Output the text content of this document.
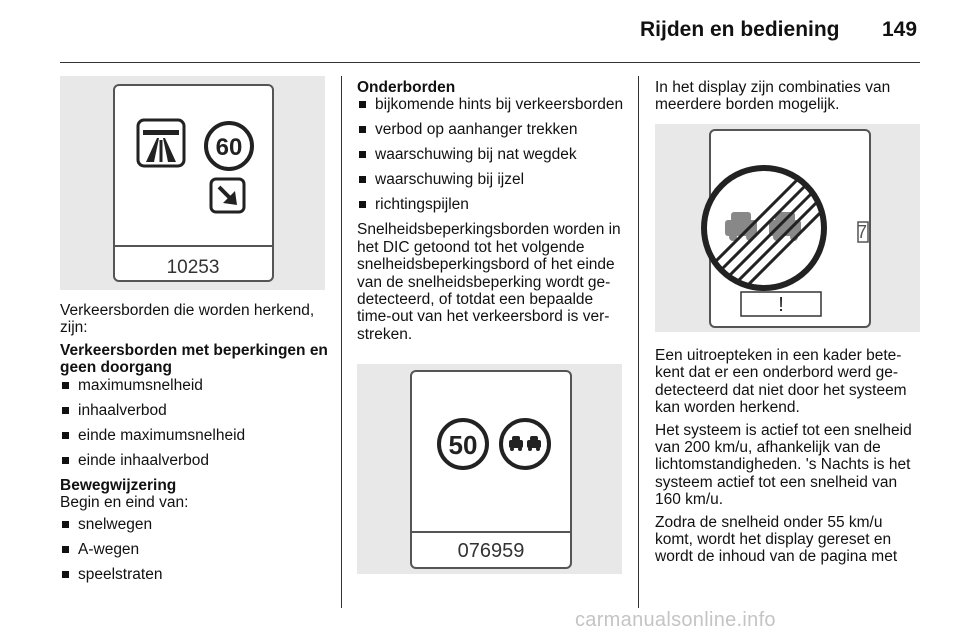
Rijden en bediening 149
60
10253

Verkeersborden die worden herkend, zijn:

Verkeersborden met beperkingen en geen doorgang

maximumsnelheid
inhaalverbod
einde maximumsnelheid
einde inhaalverbod

Bewegwijzering

Begin en eind van:

snelwegen
A-wegen
speelstraten

Onderborden

bijkomende hints bij verkeersborden
verbod op aanhanger trekken
waarschuwing bij nat wegdek
waarschuwing bij ijzel
richtingspijlen

Snelheidsbeperkingsborden worden in het DIC getoond tot het volgende snelheidsbeperkingsbord of het einde van de snelheidsbeperking wordt gedetecteerd, of totdat een bepaalde time-out van het verkeersbord is verstreken.

50
076959

In het display zijn combinaties van meerdere borden mogelijk.

7
!

Een uitroepteken in een kader betekent dat er een onderbord werd gedetecteerd dat niet door het systeem kan worden herkend.

Het systeem is actief tot een snelheid van 200 km/u, afhankelijk van de lichtomstandigheden. 's Nachts is het systeem actief tot een snelheid van 160 km/u.

Zodra de snelheid onder 55 km/u komt, wordt het display gereset en wordt de inhoud van de pagina met

carmanualsonline.info
